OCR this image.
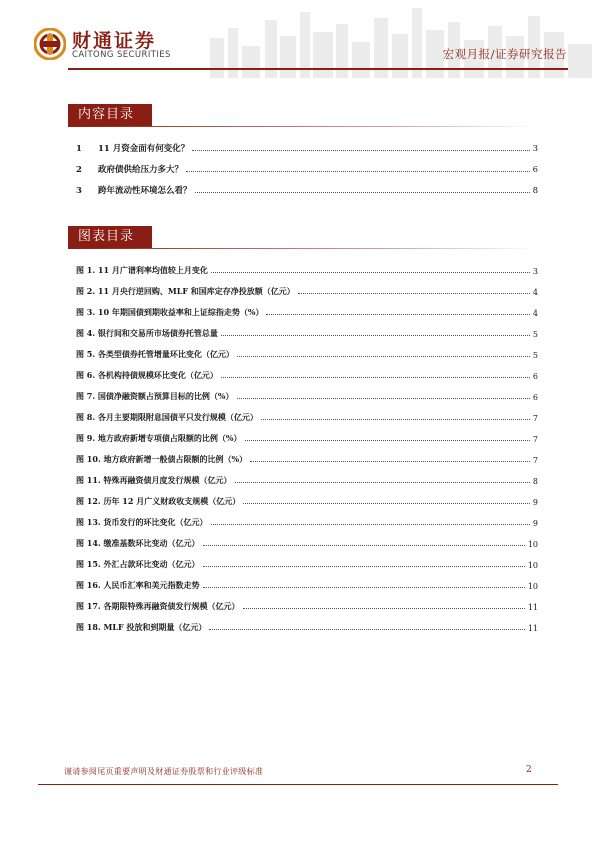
财通证券
CAITONG SECURITIES	宏观月报/证券研究报告
内容目录
1	11 月资金面有何变化？	3
2	政府债供给压力多大？	6
3	跨年流动性环境怎么看？	8
图表目录
图 1. 11 月广谱利率均值较上月变化	3
图 2. 11 月央行逆回购、MLF 和国库定存净投放额（亿元）	4
图 3. 10 年期国债到期收益率和上证综指走势（%）	4
图 4. 银行间和交易所市场债券托管总量	5
图 5. 各类型债券托管增量环比变化（亿元）	5
图 6. 各机构持债规模环比变化（亿元）	6
图 7. 国债净融资额占预算目标的比例（%）	6
图 8. 各月主要期限附息国债平只发行规模（亿元）	7
图 9. 地方政府新增专项债占限额的比例（%）	7
图 10. 地方政府新增一般债占限额的比例（%）	7
图 11. 特殊再融资债月度发行规模（亿元）	8
图 12. 历年 12 月广义财政收支规模（亿元）	9
图 13. 货币发行的环比变化（亿元）	9
图 14. 缴准基数环比变动（亿元）	10
图 15. 外汇占款环比变动（亿元）	10
图 16. 人民币汇率和美元指数走势	10
图 17. 各期限特殊再融资债发行规模（亿元）	11
图 18. MLF 投放和到期量（亿元）	11
谨请参阅尾页重要声明及财通证券股票和行业评级标准	2
